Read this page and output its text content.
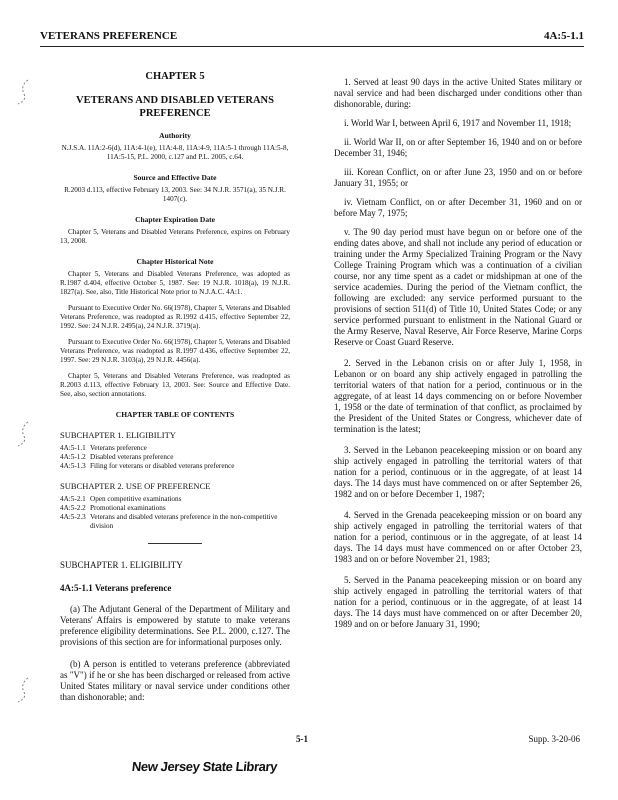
VETERANS PREFERENCE	4A:5-1.1
CHAPTER 5
VETERANS AND DISABLED VETERANS PREFERENCE
Authority
N.J.S.A. 11A:2-6(d), 11A:4-1(e), 11A:4-8, 11A:4-9, 11A:5-1 through 11A:5-8, 11A:5-15, P.L. 2000, c.127 and P.L. 2005, c.64.
Source and Effective Date
R.2003 d.113, effective February 13, 2003. See: 34 N.J.R. 3571(a), 35 N.J.R. 1407(c).
Chapter Expiration Date
Chapter 5, Veterans and Disabled Veterans Preference, expires on February 13, 2008.
Chapter Historical Note
Chapter 5, Veterans and Disabled Veterans Preference, was adopted as R.1987 d.404, effective October 5, 1987. See: 19 N.J.R. 1018(a), 19 N.J.R. 1827(a). See, also, Title Historical Note prior to N.J.A.C. 4A:1.
Pursuant to Executive Order No. 66(1978), Chapter 5, Veterans and Disabled Veterans Preference, was readopted as R.1992 d.415, effective September 22, 1992. See: 24 N.J.R. 2495(a), 24 N.J.R. 3719(a).
Pursuant to Executive Order No. 66(1978), Chapter 5, Veterans and Disabled Veterans Preference, was readopted as R.1997 d.436, effective September 22, 1997. See: 29 N.J.R. 3103(a), 29 N.J.R. 4456(a).
Chapter 5, Veterans and Disabled Veterans Preference, was readopted as R.2003 d.113, effective February 13, 2003. See: Source and Effective Date. See, also, section annotations.
CHAPTER TABLE OF CONTENTS
SUBCHAPTER 1. ELIGIBILITY
4A:5-1.1 Veterans preference
4A:5-1.2 Disabled veterans preference
4A:5-1.3 Filing for veterans or disabled veterans preference
SUBCHAPTER 2. USE OF PREFERENCE
4A:5-2.1 Open competitive examinations
4A:5-2.2 Promotional examinations
4A:5-2.3 Veterans and disabled veterans preference in the non-competitive division
SUBCHAPTER 1. ELIGIBILITY
4A:5-1.1 Veterans preference
(a) The Adjutant General of the Department of Military and Veterans' Affairs is empowered by statute to make veterans preference eligibility determinations. See P.L. 2000, c.127. The provisions of this section are for informational purposes only.
(b) A person is entitled to veterans preference (abbreviated as "V") if he or she has been discharged or released from active United States military or naval service under conditions other than dishonorable; and:
1. Served at least 90 days in the active United States military or naval service and had been discharged under conditions other than dishonorable, during:
i. World War I, between April 6, 1917 and November 11, 1918;
ii. World War II, on or after September 16, 1940 and on or before December 31, 1946;
iii. Korean Conflict, on or after June 23, 1950 and on or before January 31, 1955; or
iv. Vietnam Conflict, on or after December 31, 1960 and on or before May 7, 1975;
v. The 90 day period must have begun on or before one of the ending dates above, and shall not include any period of education or training under the Army Specialized Training Program or the Navy College Training Program which was a continuation of a civilian course, nor any time spent as a cadet or midshipman at one of the service academies. During the period of the Vietnam conflict, the following are excluded: any service performed pursuant to the provisions of section 511(d) of Title 10, United States Code; or any service performed pursuant to enlistment in the National Guard or the Army Reserve, Naval Reserve, Air Force Reserve, Marine Corps Reserve or Coast Guard Reserve.
2. Served in the Lebanon crisis on or after July 1, 1958, in Lebanon or on board any ship actively engaged in patrolling the territorial waters of that nation for a period, continuous or in the aggregate, of at least 14 days commencing on or before November 1, 1958 or the date of termination of that conflict, as proclaimed by the President of the United States or Congress, whichever date of termination is the latest;
3. Served in the Lebanon peacekeeping mission or on board any ship actively engaged in patrolling the territorial waters of that nation for a period, continuous or in the aggregate, of at least 14 days. The 14 days must have commenced on or after September 26, 1982 and on or before December 1, 1987;
4. Served in the Grenada peacekeeping mission or on board any ship actively engaged in patrolling the territorial waters of that nation for a period, continuous or in the aggregate, of at least 14 days. The 14 days must have commenced on or after October 23, 1983 and on or before November 21, 1983;
5. Served in the Panama peacekeeping mission or on board any ship actively engaged in patrolling the territorial waters of that nation for a period, continuous or in the aggregate, of at least 14 days. The 14 days must have commenced on or after December 20, 1989 and on or before January 31, 1990;
5-1	Supp. 3-20-06
New Jersey State Library
